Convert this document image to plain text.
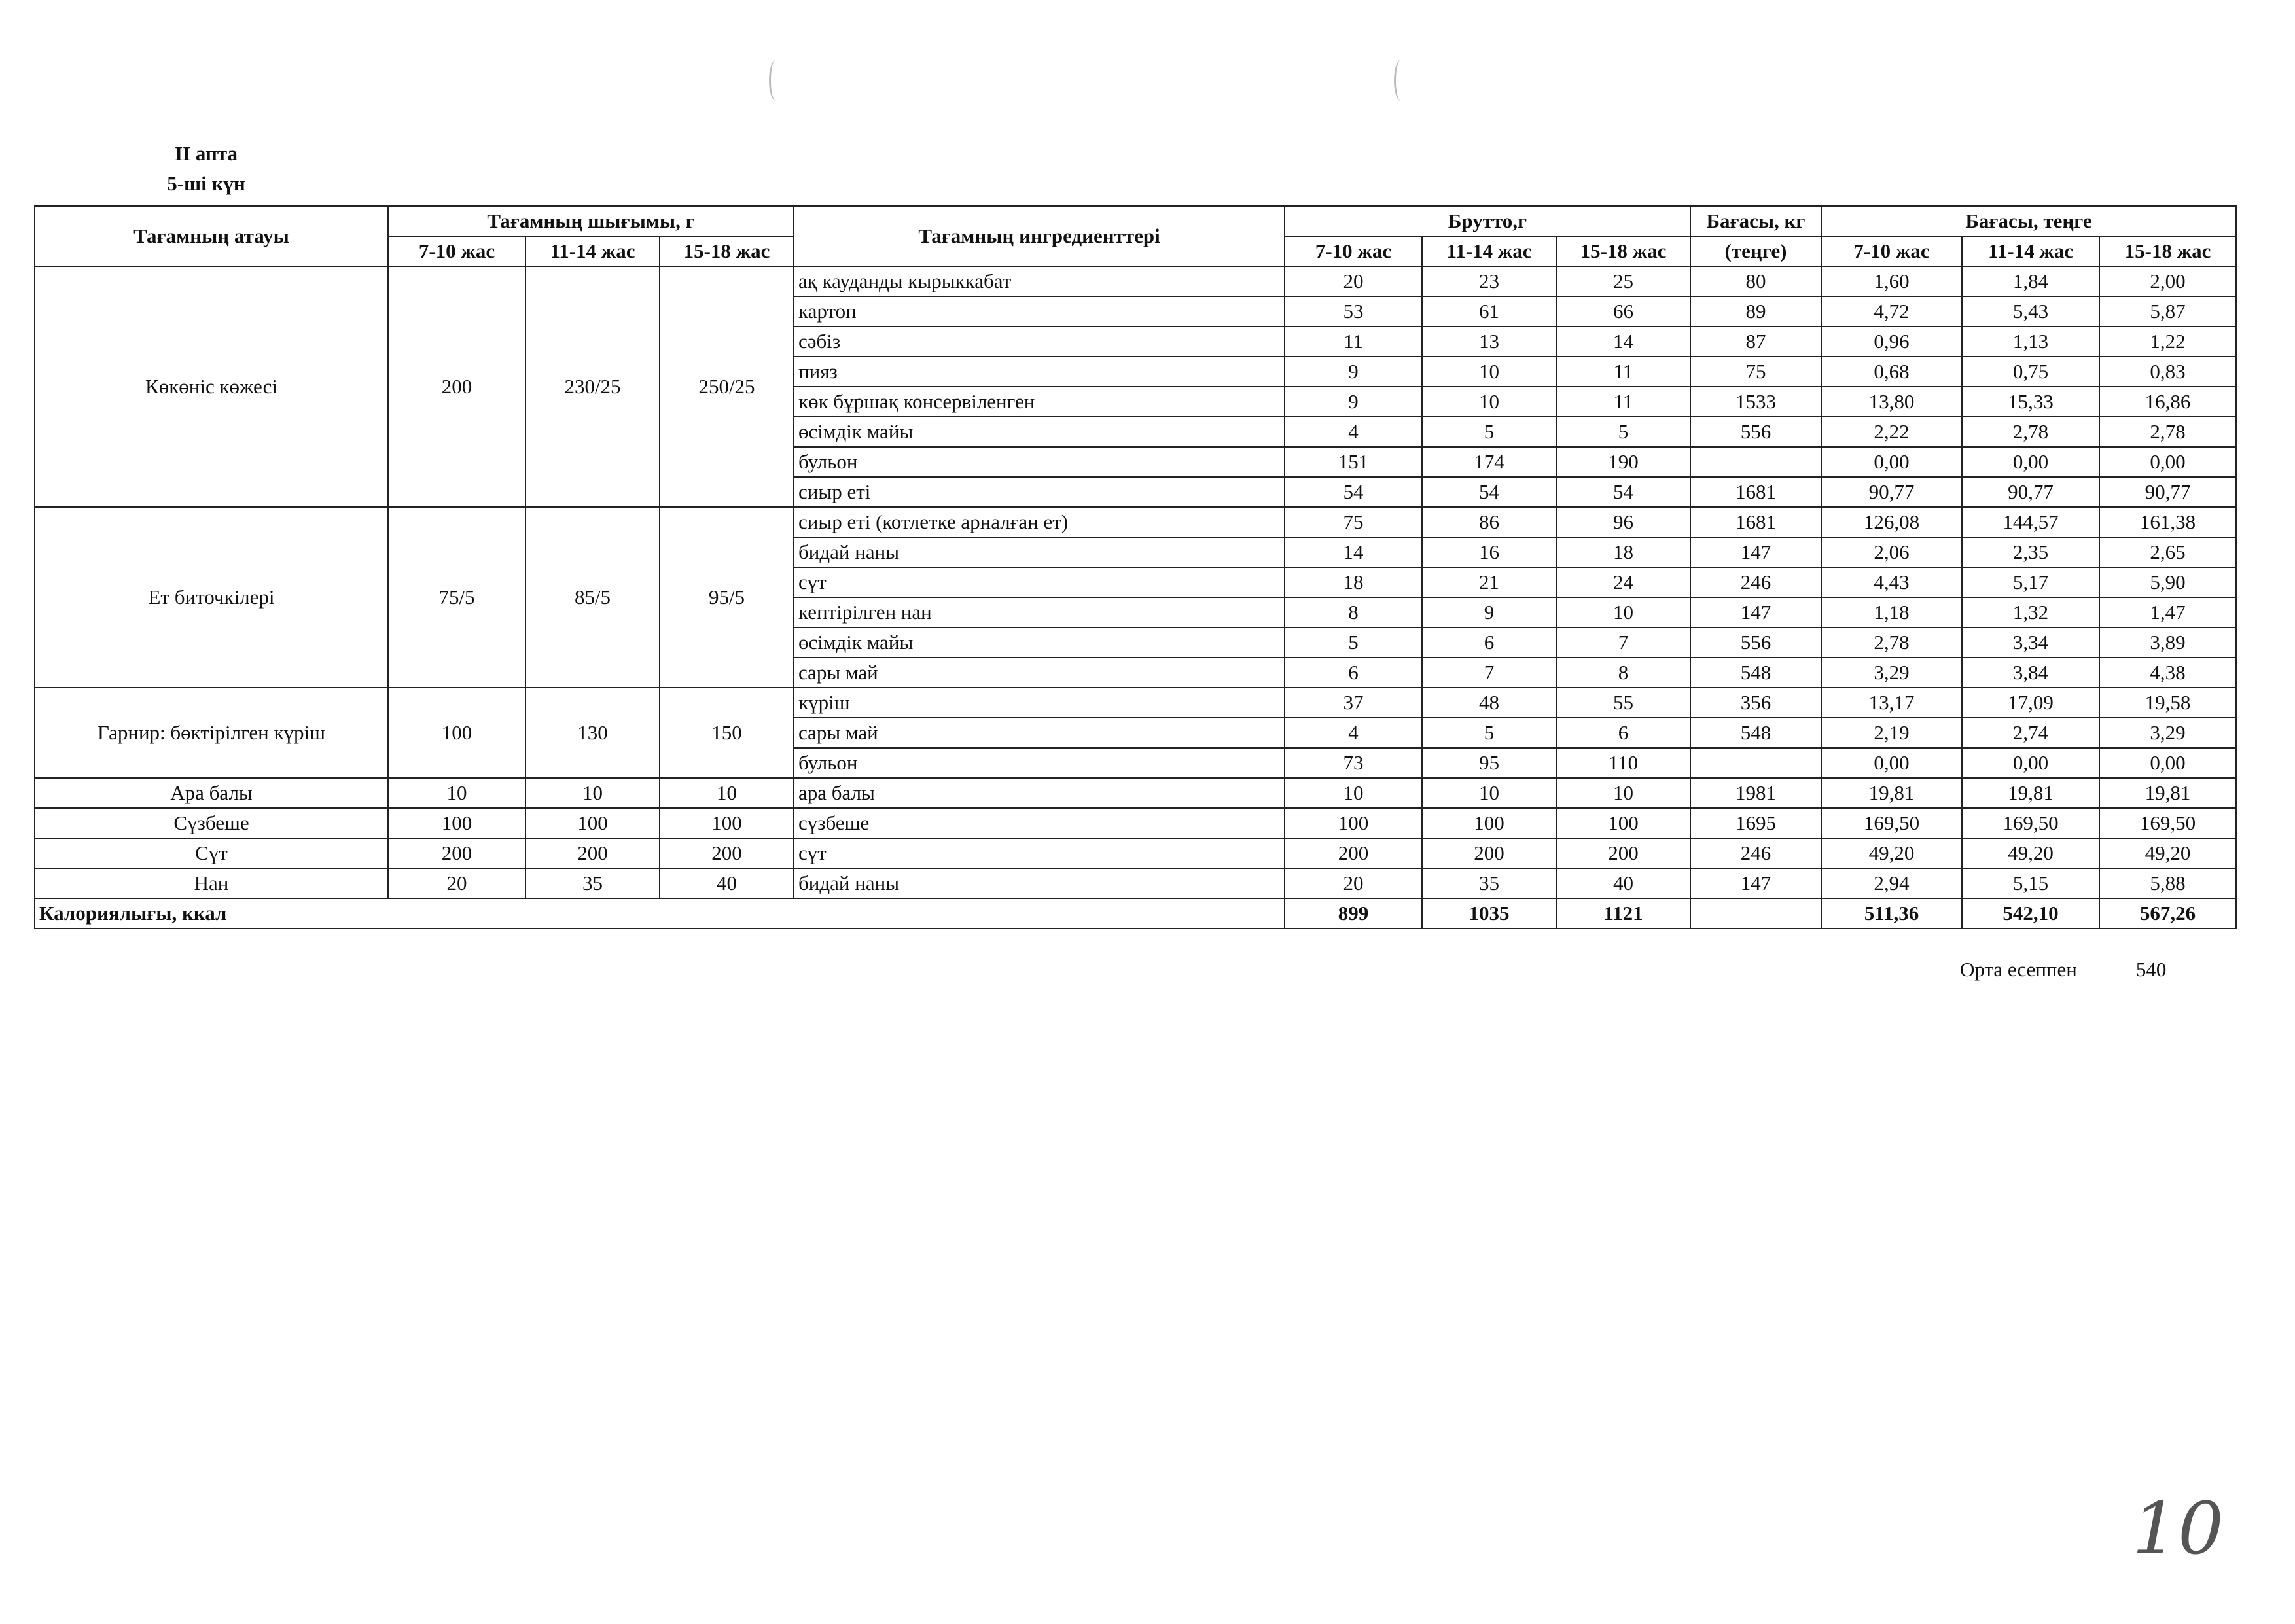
II апта
5-ші күн
Тағамның атауы	Тағамның шығымы, г			Тағамның ингредиенттері	Брутто,г			Бағасы, кг	Бағасы, теңге		
	7-10 жас	11-14 жас	15-18 жас		7-10 жас	11-14 жас	15-18 жас	(теңге)	7-10 жас	11-14 жас	15-18 жас
Көкөніс көжесі	200	230/25	250/25	ақ кауданды кырыккабат	20	23	25	80	1,60	1,84	2,00
				картоп	53	61	66	89	4,72	5,43	5,87
				сәбіз	11	13	14	87	0,96	1,13	1,22
				пияз	9	10	11	75	0,68	0,75	0,83
				көк бұршақ консервіленген	9	10	11	1533	13,80	15,33	16,86
				өсімдік майы	4	5	5	556	2,22	2,78	2,78
				бульон	151	174	190		0,00	0,00	0,00
				сиыр еті	54	54	54	1681	90,77	90,77	90,77
Ет биточкілері	75/5	85/5	95/5	сиыр еті (котлетке арналған ет)	75	86	96	1681	126,08	144,57	161,38
				бидай наны	14	16	18	147	2,06	2,35	2,65
				сүт	18	21	24	246	4,43	5,17	5,90
				кептірілген нан	8	9	10	147	1,18	1,32	1,47
				өсімдік майы	5	6	7	556	2,78	3,34	3,89
				сары май	6	7	8	548	3,29	3,84	4,38
Гарнир: бөктірілген күріш	100	130	150	күріш	37	48	55	356	13,17	17,09	19,58
				сары май	4	5	6	548	2,19	2,74	3,29
				бульон	73	95	110		0,00	0,00	0,00
Ара балы	10	10	10	ара балы	10	10	10	1981	19,81	19,81	19,81
Сүзбеше	100	100	100	сүзбеше	100	100	100	1695	169,50	169,50	169,50
Сүт	200	200	200	сүт	200	200	200	246	49,20	49,20	49,20
Нан	20	35	40	бидай наны	20	35	40	147	2,94	5,15	5,88
Калориялығы, ккал					899	1035	1121		511,36	542,10	567,26
Орта есеппен	540
10
